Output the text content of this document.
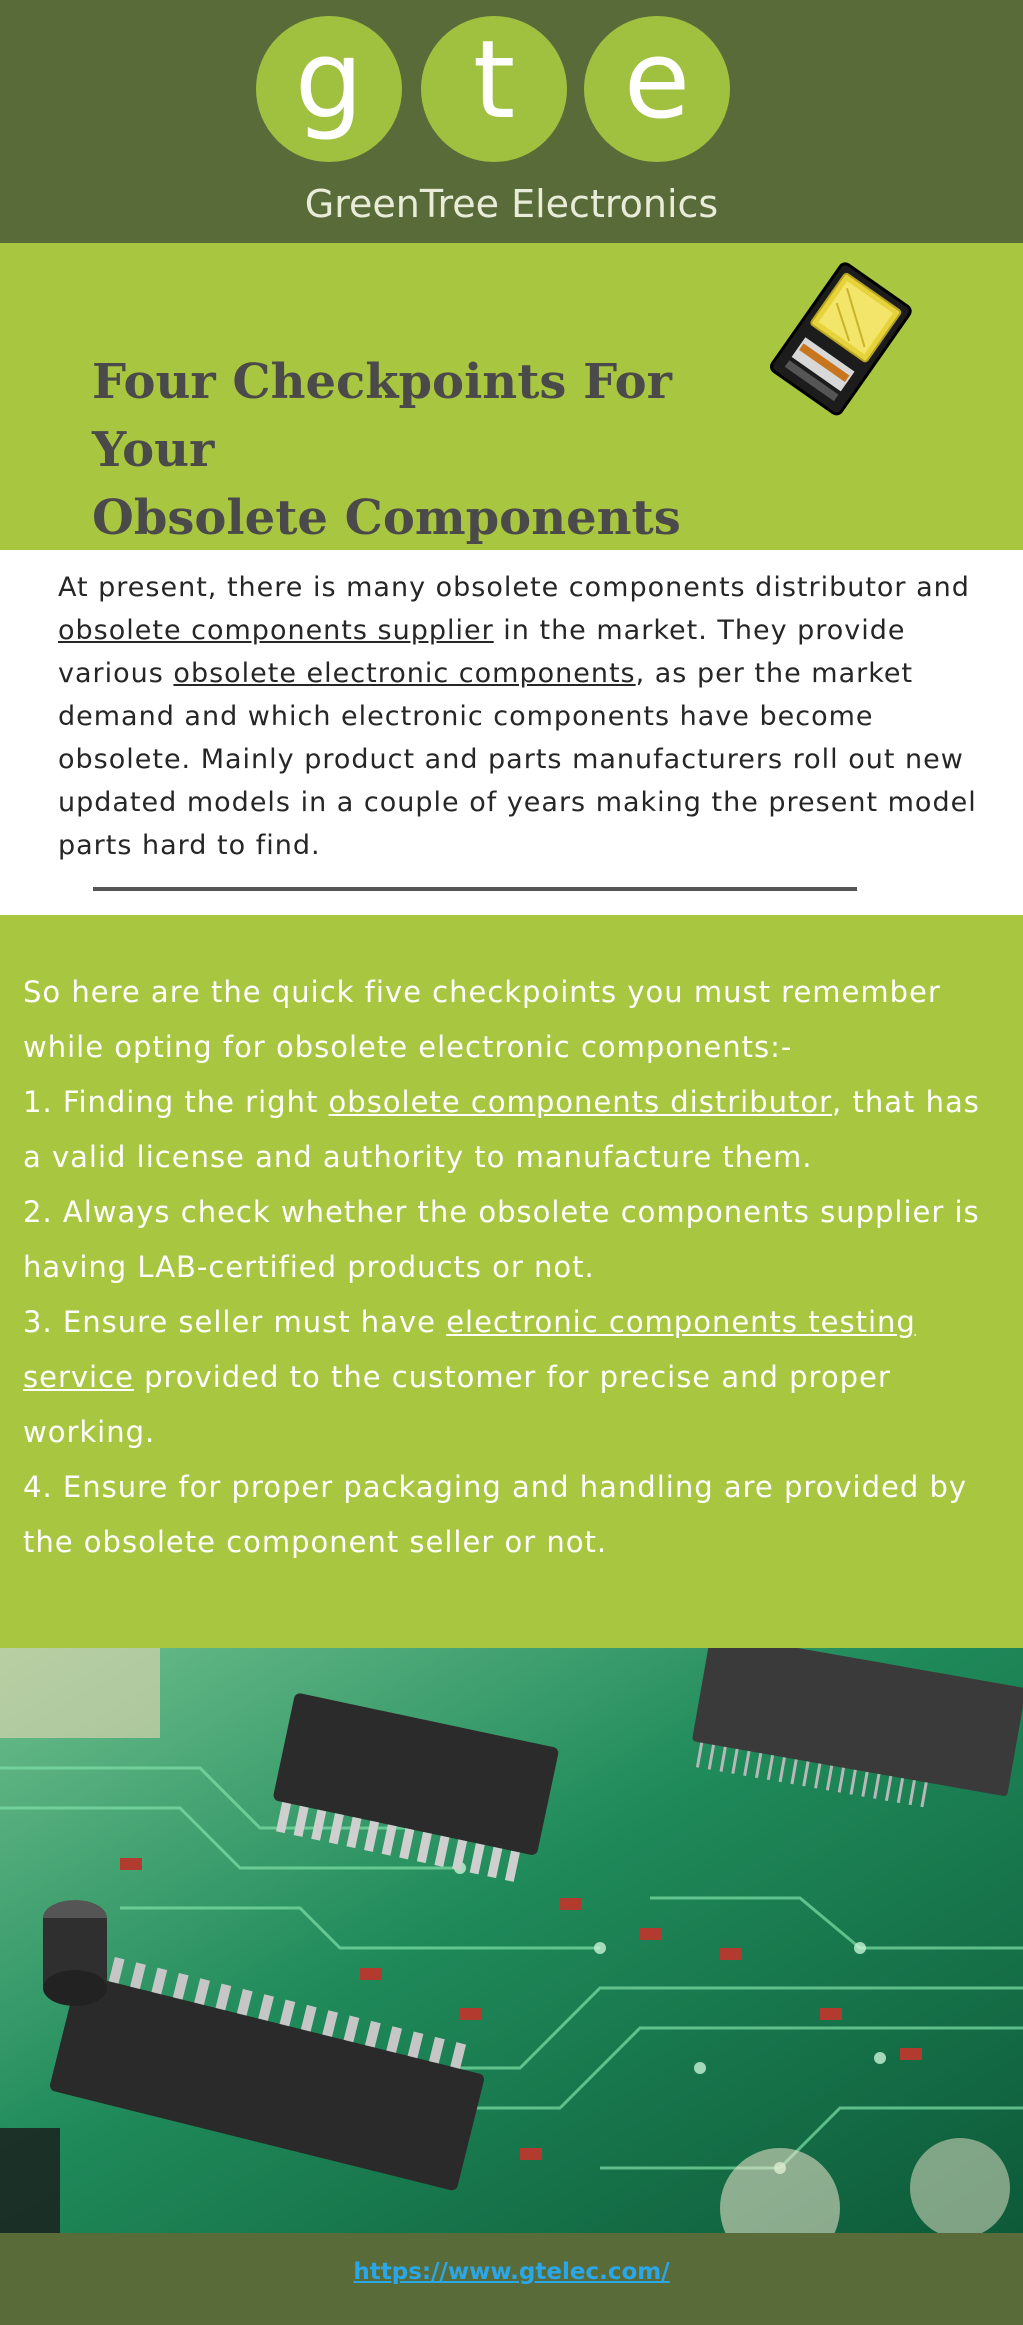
g	t	e
GreenTree Electronics
Four Checkpoints For Your
Obsolete Components

At present, there is many obsolete components distributor and obsolete components supplier in the market. They provide various obsolete electronic components, as per the market demand and which electronic components have become obsolete. Mainly product and parts manufacturers roll out new updated models in a couple of years making the present model parts hard to find.

So here are the quick five checkpoints you must remember while opting for obsolete electronic components:-

1. Finding the right obsolete components distributor, that has a valid license and authority to manufacture them.

2. Always check whether the obsolete components supplier is having LAB-certified products or not.

3. Ensure seller must have electronic components testing service provided to the customer for precise and proper working.

4. Ensure for proper packaging and handling are provided by the obsolete component seller or not.

https://www.gtelec.com/
